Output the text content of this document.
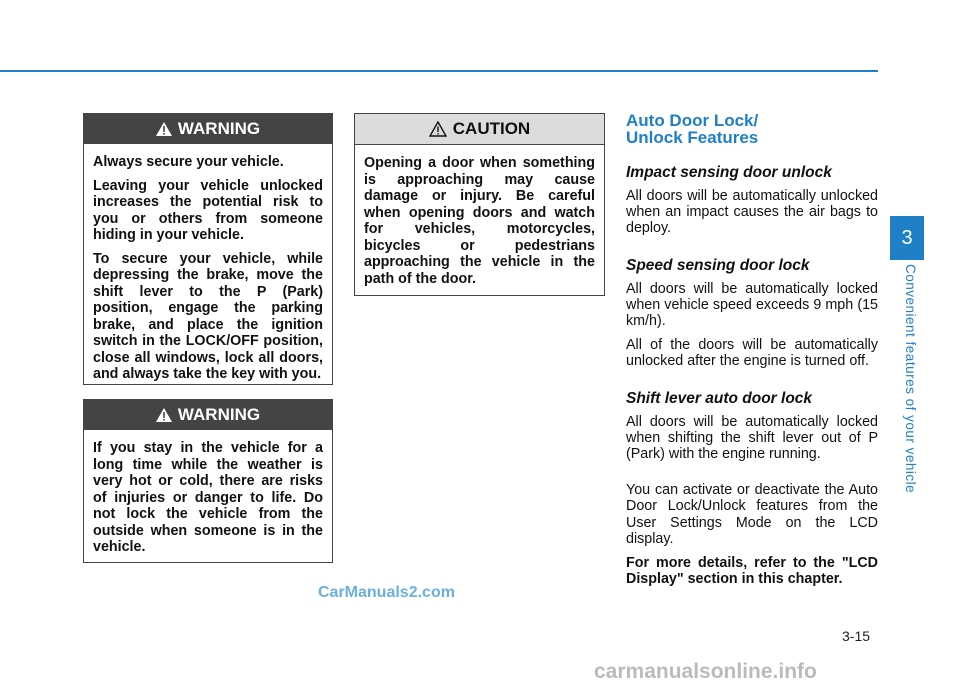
WARNING

Always secure your vehicle.

Leaving your vehicle unlocked increases the potential risk to you or others from someone hiding in your vehicle.

To secure your vehicle, while depressing the brake, move the shift lever to the P (Park) position, engage the parking brake, and place the ignition switch in the LOCK/OFF position, close all windows, lock all doors, and always take the key with you.

WARNING

If you stay in the vehicle for a long time while the weather is very hot or cold, there are risks of injuries or danger to life. Do not lock the vehicle from the outside when someone is in the vehicle.

CAUTION

Opening a door when something is approaching may cause damage or injury. Be careful when opening doors and watch for vehicles, motorcycles, bicycles or pedestrians approaching the vehicle in the path of the door.

Auto Door Lock/
Unlock Features
Impact sensing door unlock

All doors will be automatically unlocked when an impact causes the air bags to deploy.

Speed sensing door lock

All doors will be automatically locked when vehicle speed exceeds 9 mph (15 km/h).

All of the doors will be automatically unlocked after the engine is turned off.

Shift lever auto door lock

All doors will be automatically locked when shifting the shift lever out of P (Park) with the engine running.

You can activate or deactivate the Auto Door Lock/Unlock features from the User Settings Mode on the LCD display.

For more details, refer to the "LCD Display" section in this chapter.

3
Convenient features of your vehicle
3-15
CarManuals2.com
carmanualsonline.info
